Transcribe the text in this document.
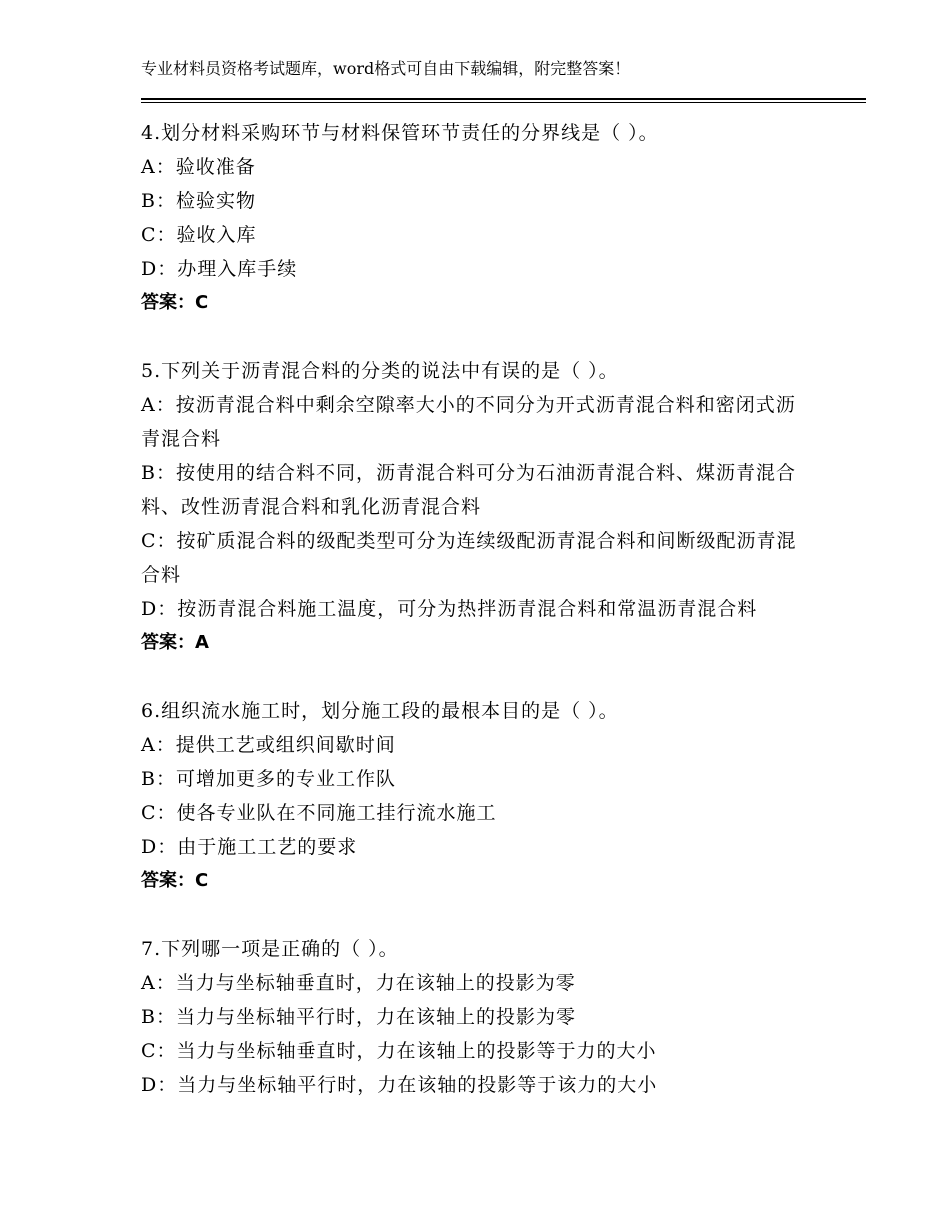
专业材料员资格考试题库，word格式可自由下载编辑，附完整答案！
4.划分材料采购环节与材料保管环节责任的分界线是（ ）。
A：验收准备
B：检验实物
C：验收入库
D：办理入库手续
答案：C
5.下列关于沥青混合料的分类的说法中有误的是（ ）。
A：按沥青混合料中剩余空隙率大小的不同分为开式沥青混合料和密闭式沥青混合料
B：按使用的结合料不同，沥青混合料可分为石油沥青混合料、煤沥青混合料、改性沥青混合料和乳化沥青混合料
C：按矿质混合料的级配类型可分为连续级配沥青混合料和间断级配沥青混合料
D：按沥青混合料施工温度，可分为热拌沥青混合料和常温沥青混合料
答案：A
6.组织流水施工时，划分施工段的最根本目的是（ ）。
A：提供工艺或组织间歇时间
B：可增加更多的专业工作队
C：使各专业队在不同施工挂行流水施工
D：由于施工工艺的要求
答案：C
7.下列哪一项是正确的（ ）。
A：当力与坐标轴垂直时，力在该轴上的投影为零
B：当力与坐标轴平行时，力在该轴上的投影为零
C：当力与坐标轴垂直时，力在该轴上的投影等于力的大小
D：当力与坐标轴平行时，力在该轴的投影等于该力的大小
